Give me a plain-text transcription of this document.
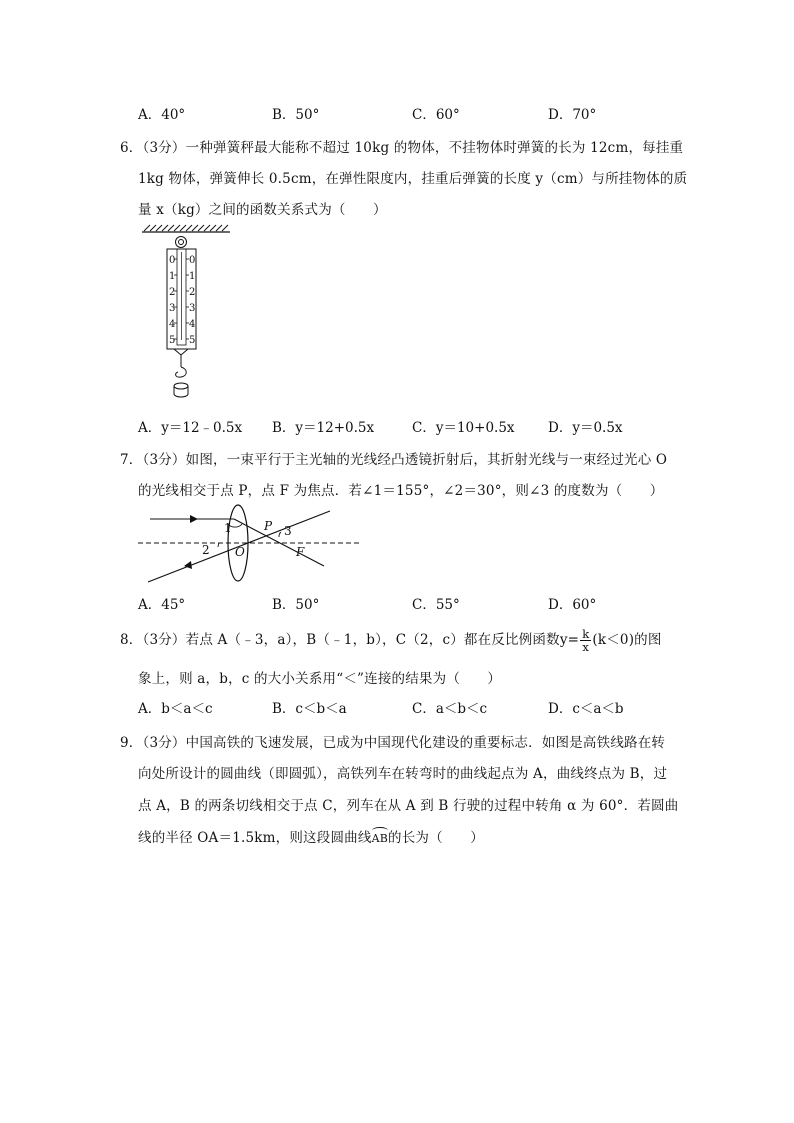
A．40°	B．50°	C．60°	D．70°
6．（3分）一种弹簧秤最大能称不超过 10kg 的物体，不挂物体时弹簧的长为 12cm，每挂重
1kg 物体，弹簧伸长 0.5cm，在弹性限度内，挂重后弹簧的长度 y（cm）与所挂物体的质
量 x（kg）之间的函数关系式为（　　）
0
1
2
3
4
5
0
1
2
3
4
5
A．y＝12﹣0.5x B．y＝12+0.5x	C．y＝10+0.5x D．y＝0.5x
7．（3分）如图，一束平行于主光轴的光线经凸透镜折射后，其折射光线与一束经过光心 O
的光线相交于点 P，点 F 为焦点．若∠1＝155°，∠2＝30°，则∠3 的度数为（　　）
1	P 3
2 O	F
A．45°	B．50°	C．55°	D．60°
8．（3分）若点 A（﹣3，a），B（﹣1，b），C（2，c）都在反比例函数$y= \frac{k}{x} (k<0)$的图
象上，则 a，b，c 的大小关系用“＜”连接的结果为（　　）
A．b＜a＜c	B．c＜b＜a	C．a＜b＜c	D．c＜a＜b
9．（3分）中国高铁的飞速发展，已成为中国现代化建设的重要标志．如图是高铁线路在转
向处所设计的圆曲线（即圆弧），高铁列车在转弯时的曲线起点为 A，曲线终点为 B，过
点 A，B 的两条切线相交于点 C，列车在从 A 到 B 行驶的过程中转角 α 为 60°．若圆曲
线的半径 OA＝1.5km，则这段圆曲线AB的长为（　　）
